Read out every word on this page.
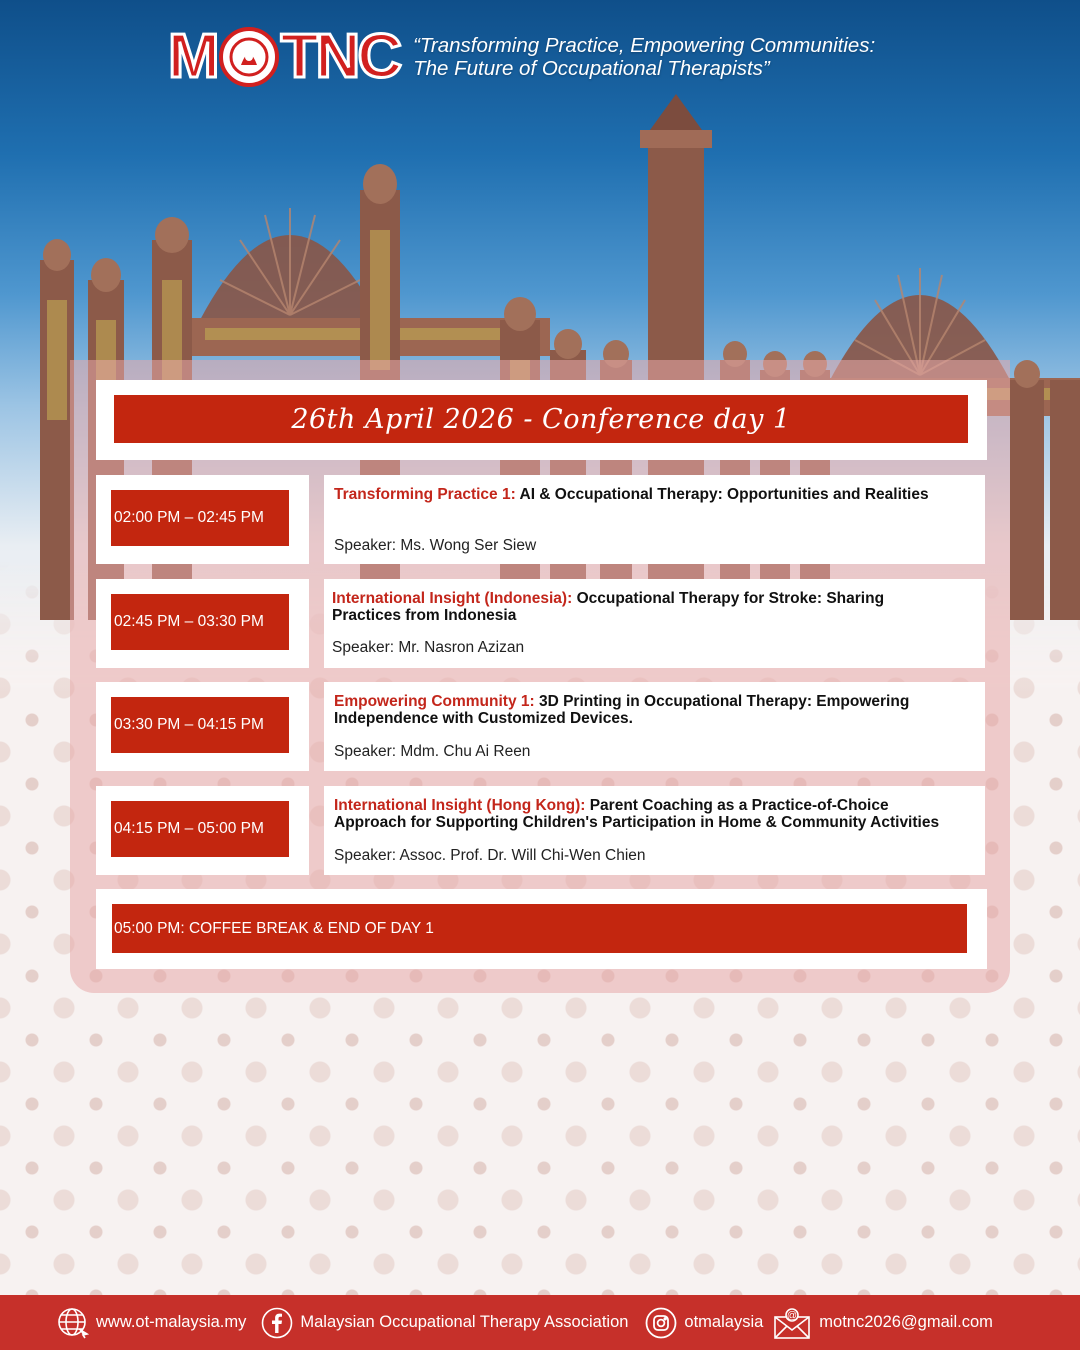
M T N C “Transforming Practice, Empowering Communities:
The Future of Occupational Therapists”
26th April 2026 - Conference day 1
02:00 PM – 02:45 PM
Transforming Practice 1: AI & Occupational Therapy: Opportunities and Realities
Speaker: Ms. Wong Ser Siew
02:45 PM – 03:30 PM
International Insight (Indonesia): Occupational Therapy for Stroke: Sharing Practices from Indonesia
Speaker: Mr. Nasron Azizan
03:30 PM – 04:15 PM
Empowering Community 1: 3D Printing in Occupational Therapy: Empowering Independence with Customized Devices.
Speaker: Mdm. Chu Ai Reen
04:15 PM – 05:00 PM
International Insight (Hong Kong): Parent Coaching as a Practice-of-Choice Approach for Supporting Children's Participation in Home & Community Activities
Speaker: Assoc. Prof. Dr. Will Chi-Wen Chien
05:00 PM: COFFEE BREAK & END OF DAY 1
www.ot-malaysia.my	Malaysian Occupational Therapy Association	otmalaysia @ motnc2026@gmail.com
